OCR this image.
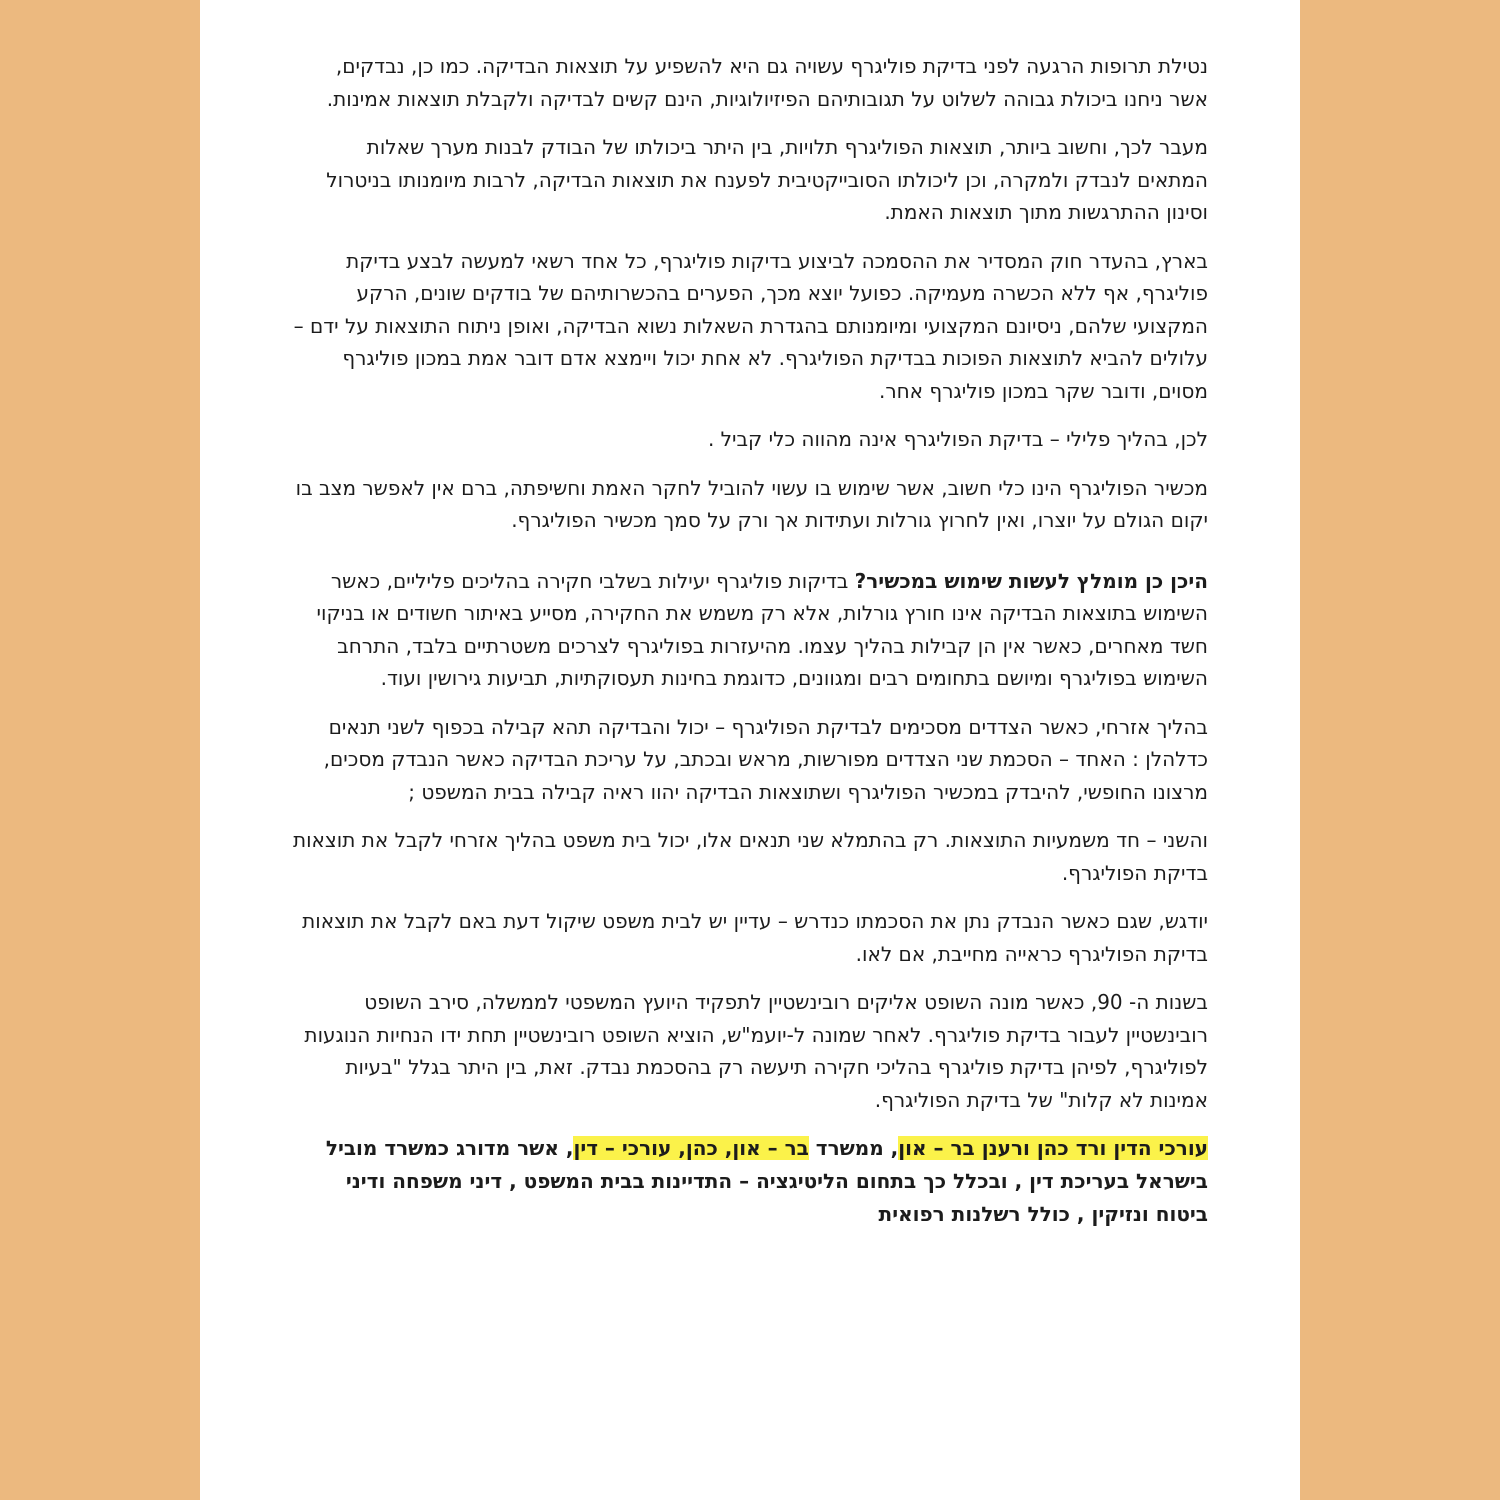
נטילת תרופות הרגעה לפני בדיקת פוליגרף עשויה גם היא להשפיע על תוצאות הבדיקה. כמו כן, נבדקים, אשר ניחנו ביכולת גבוהה לשלוט על תגובותיהם הפיזיולוגיות, הינם קשים לבדיקה ולקבלת תוצאות אמינות.

מעבר לכך, וחשוב ביותר, תוצאות הפוליגרף תלויות, בין היתר ביכולתו של הבודק לבנות מערך שאלות המתאים לנבדק ולמקרה, וכן ליכולתו הסובייקטיבית לפענח את תוצאות הבדיקה, לרבות מיומנותו בניטרול וסינון ההתרגשות מתוך תוצאות האמת.

בארץ, בהעדר חוק המסדיר את ההסמכה לביצוע בדיקות פוליגרף, כל אחד רשאי למעשה לבצע בדיקת פוליגרף, אף ללא הכשרה מעמיקה. כפועל יוצא מכך, הפערים בהכשרותיהם של בודקים שונים, הרקע המקצועי שלהם, ניסיונם המקצועי ומיומנותם בהגדרת השאלות נשוא הבדיקה, ואופן ניתוח התוצאות על ידם – עלולים להביא לתוצאות הפוכות בבדיקת הפוליגרף. לא אחת יכול ויימצא אדם דובר אמת במכון פוליגרף מסוים, ודובר שקר במכון פוליגרף אחר.

לכן, בהליך פלילי – בדיקת הפוליגרף אינה מהווה כלי קביל .

מכשיר הפוליגרף הינו כלי חשוב, אשר שימוש בו עשוי להוביל לחקר האמת וחשיפתה, ברם אין לאפשר מצב בו יקום הגולם על יוצרו, ואין לחרוץ גורלות ועתידות אך ורק על סמך מכשיר הפוליגרף.

היכן כן מומלץ לעשות שימוש במכשיר? בדיקות פוליגרף יעילות בשלבי חקירה בהליכים פליליים, כאשר השימוש בתוצאות הבדיקה אינו חורץ גורלות, אלא רק משמש את החקירה, מסייע באיתור חשודים או בניקוי חשד מאחרים, כאשר אין הן קבילות בהליך עצמו. מהיעזרות בפוליגרף לצרכים משטרתיים בלבד, התרחב השימוש בפוליגרף ומיושם בתחומים רבים ומגוונים, כדוגמת בחינות תעסוקתיות, תביעות גירושין ועוד.

בהליך אזרחי, כאשר הצדדים מסכימים לבדיקת הפוליגרף – יכול והבדיקה תהא קבילה בכפוף לשני תנאים כדלהלן : האחד – הסכמת שני הצדדים מפורשות, מראש ובכתב, על עריכת הבדיקה כאשר הנבדק מסכים, מרצונו החופשי, להיבדק במכשיר הפוליגרף ושתוצאות הבדיקה יהוו ראיה קבילה בבית המשפט ;

והשני – חד משמעיות התוצאות. רק בהתמלא שני תנאים אלו, יכול בית משפט בהליך אזרחי לקבל את תוצאות בדיקת הפוליגרף.

יודגש, שגם כאשר הנבדק נתן את הסכמתו כנדרש – עדיין יש לבית משפט שיקול דעת באם לקבל את תוצאות בדיקת הפוליגרף כראייה מחייבת, אם לאו.

בשנות ה- 90, כאשר מונה השופט אליקים רובינשטיין לתפקיד היועץ המשפטי לממשלה, סירב השופט רובינשטיין לעבור בדיקת פוליגרף. לאחר שמונה ל-יועמ"ש, הוציא השופט רובינשטיין תחת ידו הנחיות הנוגעות לפוליגרף, לפיהן בדיקת פוליגרף בהליכי חקירה תיעשה רק בהסכמת נבדק. זאת, בין היתר בגלל "בעיות אמינות לא קלות" של בדיקת הפוליגרף.

עורכי הדין ורד כהן ורענן בר – און, ממשרד בר – און, כהן, עורכי – דין, אשר מדורג כמשרד מוביל בישראל בעריכת דין , ובכלל כך בתחום הליטיגציה – התדיינות בבית המשפט , דיני משפחה ודיני ביטוח ונזיקין , כולל רשלנות רפואית
